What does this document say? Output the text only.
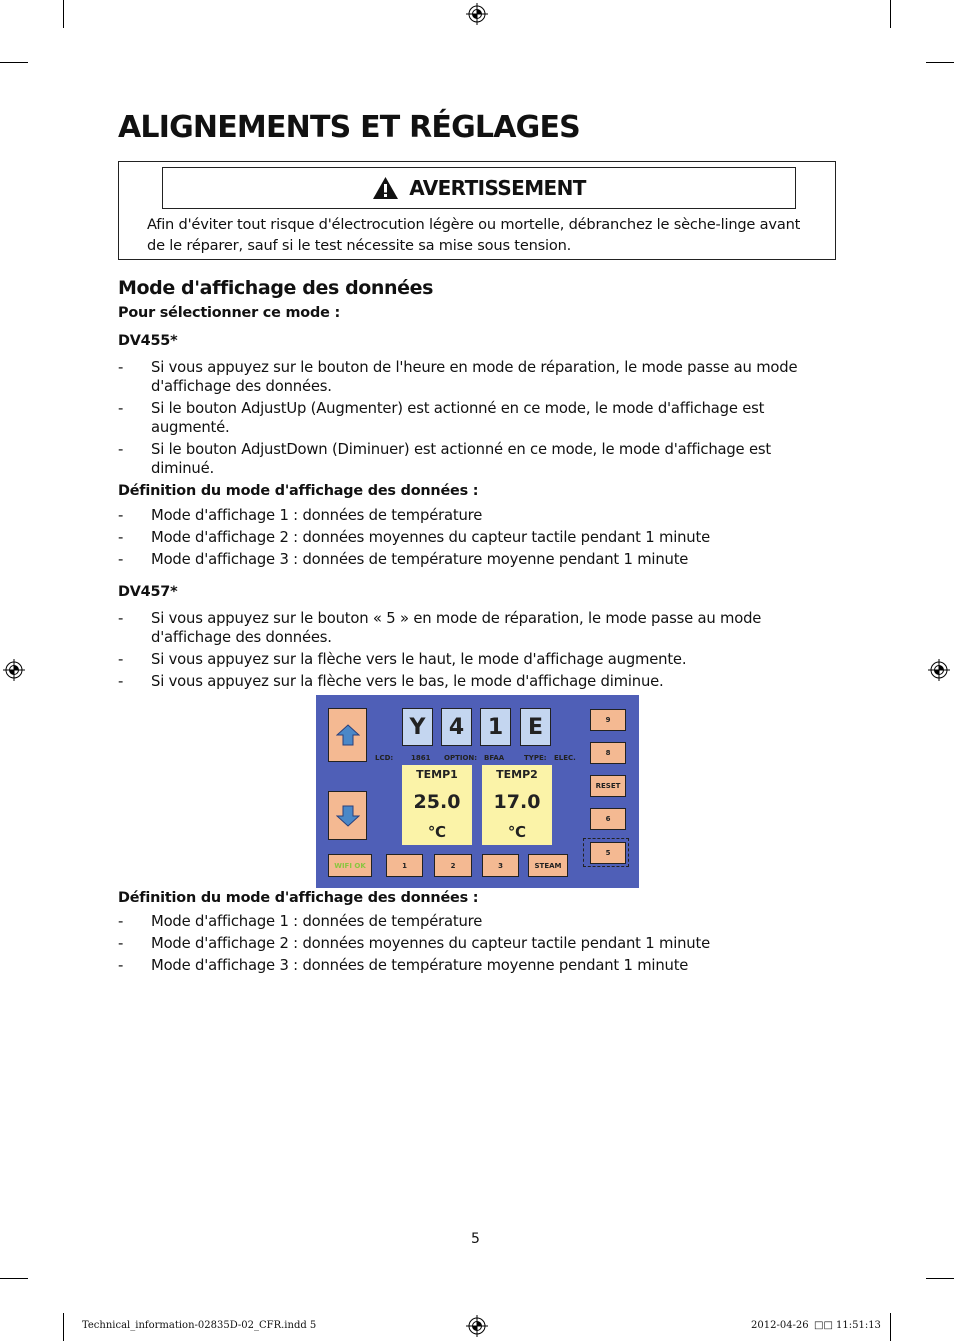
ALIGNEMENTS ET RÉGLAGES
AVERTISSEMENT
Afin d'éviter tout risque d'électrocution légère ou mortelle, débranchez le sèche-linge avant de le réparer, sauf si le test nécessite sa mise sous tension.
Mode d'affichage des données

Pour sélectionner ce mode :

DV455*

- Si vous appuyez sur le bouton de l'heure en mode de réparation, le mode passe au mode d'affichage des données.
- Si le bouton AdjustUp (Augmenter) est actionné en ce mode, le mode d'affichage est augmenté.
- Si le bouton AdjustDown (Diminuer) est actionné en ce mode, le mode d'affichage est diminué.

Définition du mode d'affichage des données :

- Mode d'affichage 1 : données de température
- Mode d'affichage 2 : données moyennes du capteur tactile pendant 1 minute
- Mode d'affichage 3 : données de température moyenne pendant 1 minute

DV457*

- Si vous appuyez sur le bouton « 5 » en mode de réparation, le mode passe au mode d'affichage des données.
- Si vous appuyez sur la flèche vers le haut, le mode d'affichage augmente.
- Si vous appuyez sur la flèche vers le bas, le mode d'affichage diminue.
Y	4	1	E
LCD:	1861 OPTION: BFAA	TYPE: ELEC.
TEMP1
25.0
℃
TEMP2
17.0
℃
9
8
RESET
6
5
WIFI OK	1	2	3	STEAM

Définition du mode d'affichage des données :

- Mode d'affichage 1 : données de température
- Mode d'affichage 2 : données moyennes du capteur tactile pendant 1 minute
- Mode d'affichage 3 : données de température moyenne pendant 1 minute
5
Technical_information-02835D-02_CFR.indd 5	2012-04-26 □□ 11:51:13
